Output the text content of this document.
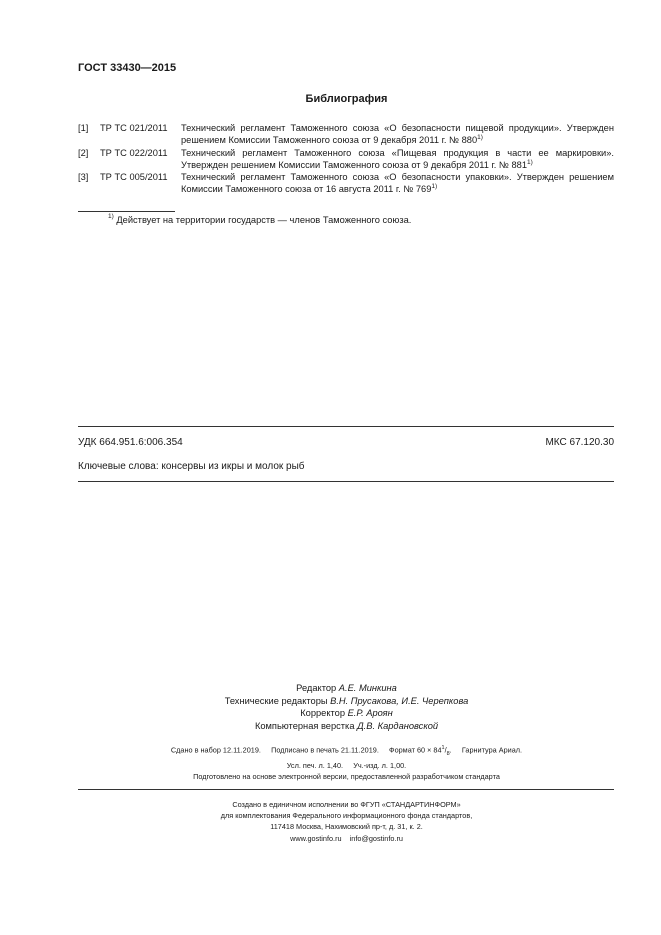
ГОСТ 33430—2015
Библиография
[1]	ТР ТС 021/2011	Технический регламент Таможенного союза «О безопасности пищевой продукции». Утвержден решением Комиссии Таможенного союза от 9 декабря 2011 г. № 880$^{1)}$
[2]	ТР ТС 022/2011	Технический регламент Таможенного союза «Пищевая продукция в части ее маркировки». Утвержден решением Комиссии Таможенного союза от 9 декабря 2011 г. № 881$^{1)}$
[3]	ТР ТС 005/2011	Технический регламент Таможенного союза «О безопасности упаковки». Утвержден решением Комиссии Таможенного союза от 16 августа 2011 г. № 769$^{1)}$
$^{1)}$ Действует на территории государств — членов Таможенного союза.
УДК 664.951.6:006.354	МКС 67.120.30
Ключевые слова: консервы из икры и молок рыб
Редактор А.Е. Минкина
Технические редакторы В.Н. Прусакова, И.Е. Черепкова
Корректор Е.Р. Ароян
Компьютерная верстка Д.В. Кардановской
Сдано в набор 12.11.2019. Подписано в печать 21.11.2019. Формат $60 \times 84^1/_8$.     Гарнитура Ариал.
Усл. печ. л. 1,40. Уч.-изд. л. 1,00.
Подготовлено на основе электронной версии, предоставленной разработчиком стандарта
Создано в единичном исполнении во ФГУП «СТАНДАРТИНФОРМ»
для комплектования Федерального информационного фонда стандартов,
117418 Москва, Нахимовский пр-т, д. 31, к. 2.
www.gostinfo.ru info@gostinfo.ru
